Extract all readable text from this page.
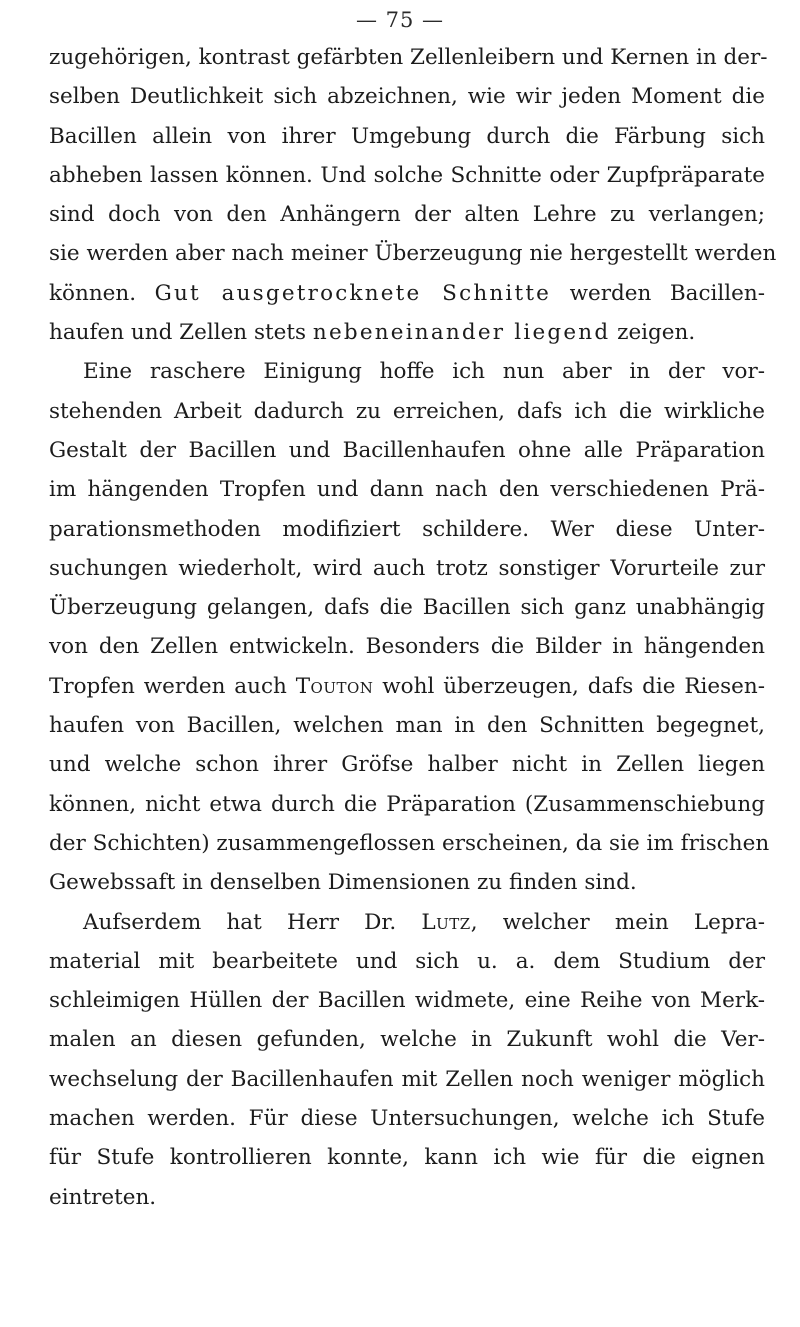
— 75 —
zugehörigen, kontrast gefärbten Zellenleibern und Kernen in der-
selben Deutlichkeit sich abzeichnen, wie wir jeden Moment die
Bacillen allein von ihrer Umgebung durch die Färbung sich
abheben lassen können. Und solche Schnitte oder Zupfpräparate
sind doch von den Anhängern der alten Lehre zu verlangen;
sie werden aber nach meiner Überzeugung nie hergestellt werden
können. Gut ausgetrocknete Schnitte werden Bacillen-
haufen und Zellen stets nebeneinander liegend zeigen.
Eine raschere Einigung hoffe ich nun aber in der vor-
stehenden Arbeit dadurch zu erreichen, dafs ich die wirkliche
Gestalt der Bacillen und Bacillenhaufen ohne alle Präparation
im hängenden Tropfen und dann nach den verschiedenen Prä-
parationsmethoden modifiziert schildere. Wer diese Unter-
suchungen wiederholt, wird auch trotz sonstiger Vorurteile zur
Überzeugung gelangen, dafs die Bacillen sich ganz unabhängig
von den Zellen entwickeln. Besonders die Bilder in hängenden
Tropfen werden auch Touton wohl überzeugen, dafs die Riesen-
haufen von Bacillen, welchen man in den Schnitten begegnet,
und welche schon ihrer Gröfse halber nicht in Zellen liegen
können, nicht etwa durch die Präparation (Zusammenschiebung
der Schichten) zusammengeflossen erscheinen, da sie im frischen
Gewebssaft in denselben Dimensionen zu finden sind.
Aufserdem hat Herr Dr. Lutz, welcher mein Lepra-
material mit bearbeitete und sich u. a. dem Studium der
schleimigen Hüllen der Bacillen widmete, eine Reihe von Merk-
malen an diesen gefunden, welche in Zukunft wohl die Ver-
wechselung der Bacillenhaufen mit Zellen noch weniger möglich
machen werden. Für diese Untersuchungen, welche ich Stufe
für Stufe kontrollieren konnte, kann ich wie für die eignen
eintreten.
